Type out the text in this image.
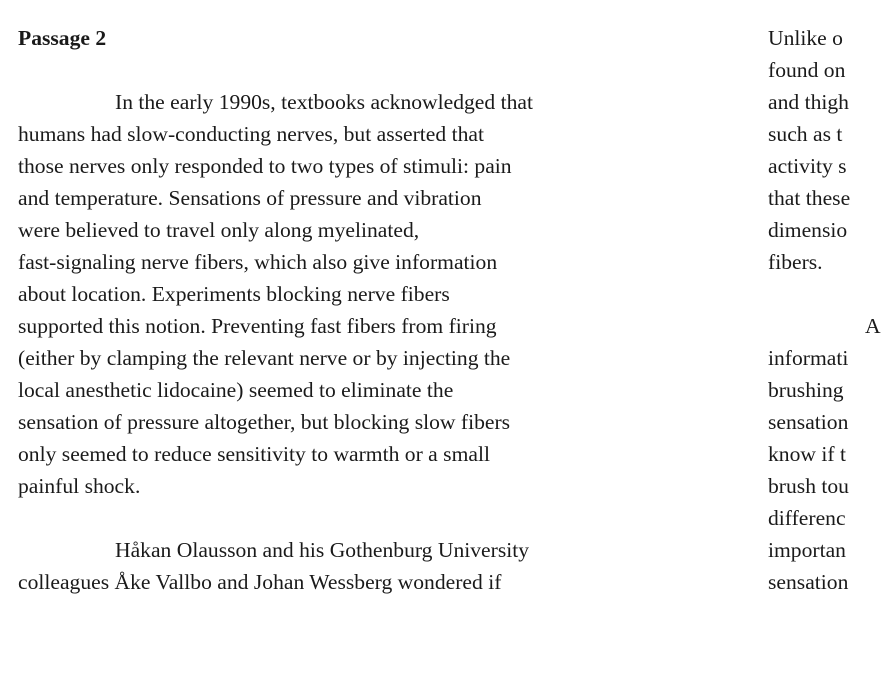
Passage 2
In the early 1990s, textbooks acknowledged that
humans had slow-conducting nerves, but asserted that
those nerves only responded to two types of stimuli: pain
and temperature. Sensations of pressure and vibration
were believed to travel only along myelinated,
fast-signaling nerve fibers, which also give information
about location. Experiments blocking nerve fibers
supported this notion. Preventing fast fibers from firing
(either by clamping the relevant nerve or by injecting the
local anesthetic lidocaine) seemed to eliminate the
sensation of pressure altogether, but blocking slow fibers
only seemed to reduce sensitivity to warmth or a small
painful shock.
Håkan Olausson and his Gothenburg University
colleagues Åke Vallbo and Johan Wessberg wondered if
Unlike o
found on
and thigh
such as t
activity s
that these
dimensio
fibers.
A
informati
brushing
sensation
know if t
brush tou
differenc
importan
sensation
